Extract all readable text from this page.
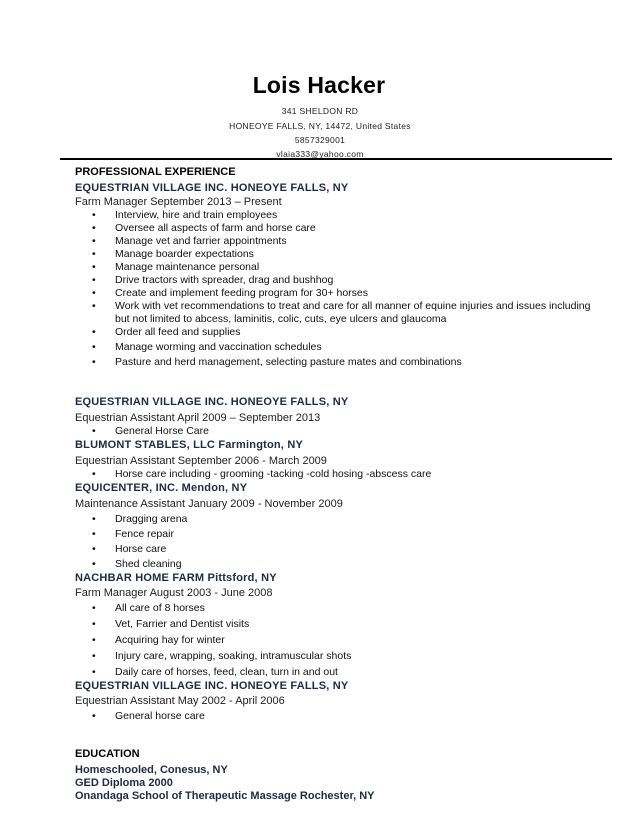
Lois Hacker
341 SHELDON RD
HONEOYE FALLS, NY, 14472, United States
5857329001
vlaia333@yahoo.com
PROFESSIONAL EXPERIENCE
EQUESTRIAN VILLAGE INC. HONEOYE FALLS, NY
Farm Manager September 2013 – Present
• Interview, hire and train employees
• Oversee all aspects of farm and horse care
• Manage vet and farrier appointments
• Manage boarder expectations
• Manage maintenance personal
• Drive tractors with spreader, drag and bushhog
• Create and implement feeding program for 30+ horses
• Work with vet recommendations to treat and care for all manner of equine injuries and issues including but not limited to abcess, laminitis, colic, cuts, eye ulcers and glaucoma
• Order all feed and supplies
• Manage worming and vaccination schedules
• Pasture and herd management, selecting pasture mates and combinations
EQUESTRIAN VILLAGE INC. HONEOYE FALLS, NY
Equestrian Assistant April 2009 – September 2013
• General Horse Care
BLUMONT STABLES, LLC Farmington, NY
Equestrian Assistant September 2006 - March 2009
• Horse care including - grooming -tacking -cold hosing -abscess care
EQUICENTER, INC. Mendon, NY
Maintenance Assistant January 2009 - November 2009
• Dragging arena
• Fence repair
• Horse care
• Shed cleaning
NACHBAR HOME FARM Pittsford, NY
Farm Manager August 2003 - June 2008
• All care of 8 horses
• Vet, Farrier and Dentist visits
• Acquiring hay for winter
• Injury care, wrapping, soaking, intramuscular shots
• Daily care of horses, feed, clean, turn in and out
EQUESTRIAN VILLAGE INC. HONEOYE FALLS, NY
Equestrian Assistant May 2002 - April 2006
• General horse care
EDUCATION
Homeschooled, Conesus, NY
GED Diploma 2000
Onandaga School of Therapeutic Massage Rochester, NY
